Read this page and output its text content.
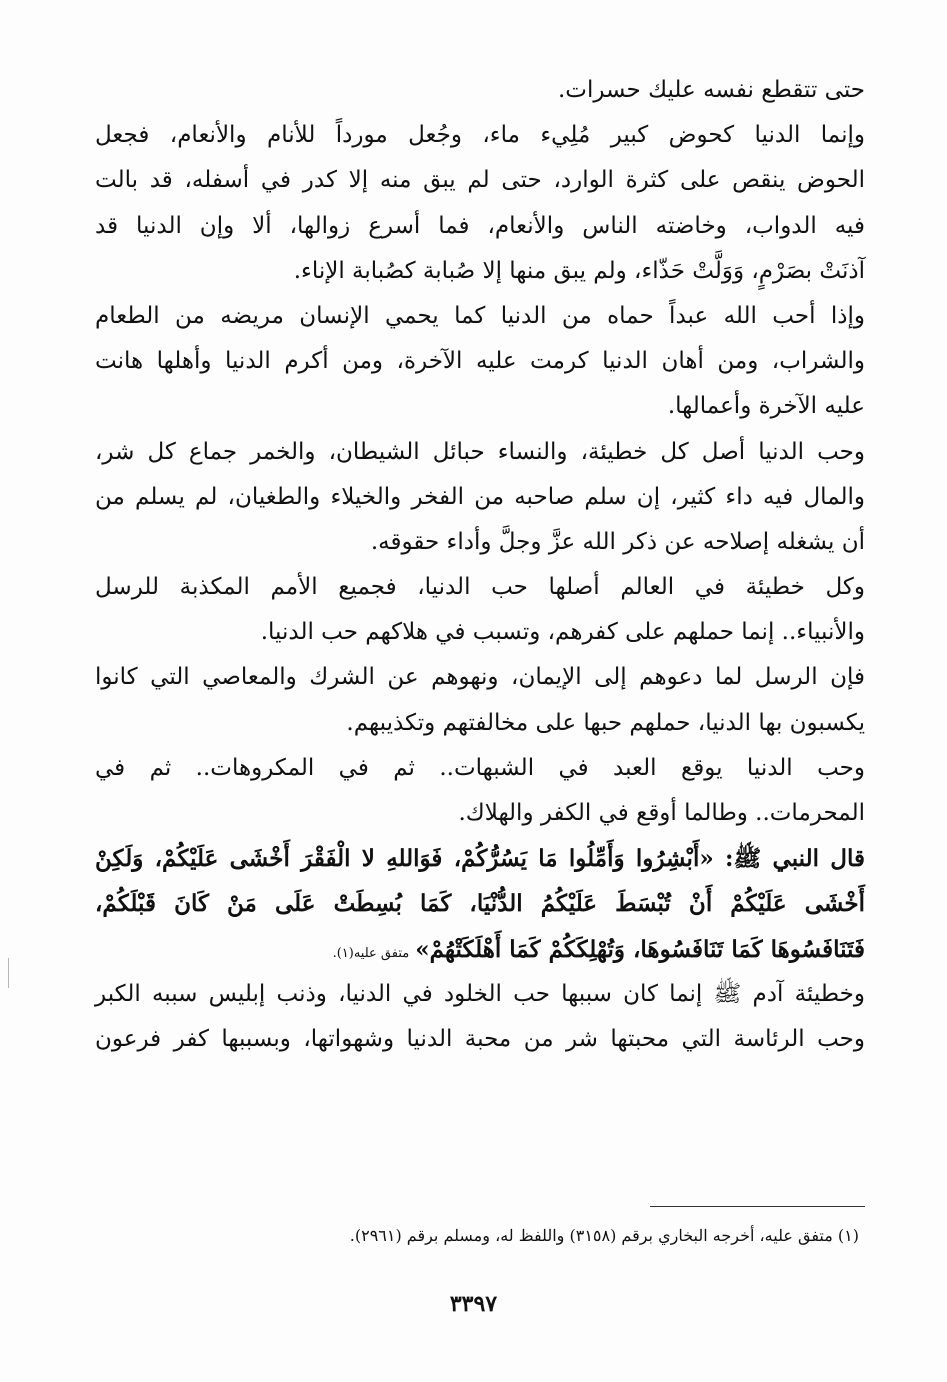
حتى تتقطع نفسه عليك حسرات.
وإنما الدنيا كحوض كبير مُلِيء ماء، وجُعل مورداً للأنام والأنعام، فجعل
الحوض ينقص على كثرة الوارد، حتى لم يبق منه إلا كدر في أسفله، قد بالت
فيه الدواب، وخاضته الناس والأنعام، فما أسرع زوالها، ألا وإن الدنيا قد
آذنَتْ بصَرْمٍ، وَوَلَّتْ حَذّاء، ولم يبق منها إلا صُبابة كصُبابة الإناء.
وإذا أحب الله عبداً حماه من الدنيا كما يحمي الإنسان مريضه من الطعام
والشراب، ومن أهان الدنيا كرمت عليه الآخرة، ومن أكرم الدنيا وأهلها هانت
عليه الآخرة وأعمالها.
وحب الدنيا أصل كل خطيئة، والنساء حبائل الشيطان، والخمر جماع كل شر،
والمال فيه داء كثير، إن سلم صاحبه من الفخر والخيلاء والطغيان، لم يسلم من
أن يشغله إصلاحه عن ذكر الله عزَّ وجلَّ وأداء حقوقه.
وكل خطيئة في العالم أصلها حب الدنيا، فجميع الأمم المكذبة للرسل
والأنبياء.. إنما حملهم على كفرهم، وتسبب في هلاكهم حب الدنيا.
فإن الرسل لما دعوهم إلى الإيمان، ونهوهم عن الشرك والمعاصي التي كانوا
يكسبون بها الدنيا، حملهم حبها على مخالفتهم وتكذيبهم.
وحب الدنيا يوقع العبد في الشبهات.. ثم في المكروهات.. ثم في
المحرمات.. وطالما أوقع في الكفر والهلاك.
قال النبي ﷺ: «أَبْشِرُوا وَأَمِّلُوا مَا يَسُرُّكُمْ، فَوَاللهِ لا الْفَقْرَ أَخْشَى عَلَيْكُمْ، وَلَكِنْ
أَخْشَى عَلَيْكُمْ أَنْ تُبْسَطَ عَلَيْكُمُ الدُّنْيَا، كَمَا بُسِطَتْ عَلَى مَنْ كَانَ قَبْلَكُمْ،
فَتَنَافَسُوهَا كَمَا تَنَافَسُوهَا، وَتُهْلِكَكُمْ كَمَا أَهْلَكَتْهُمْ»متفق عليه(١).
وخطيئة آدم ﷺ إنما كان سببها حب الخلود في الدنيا، وذنب إبليس سببه الكبر
وحب الرئاسة التي محبتها شر من محبة الدنيا وشهواتها، وبسببها كفر فرعون
(١) متفق عليه، أخرجه البخاري برقم (٣١٥٨) واللفظ له، ومسلم برقم (٢٩٦١).
٣٣٩٧
